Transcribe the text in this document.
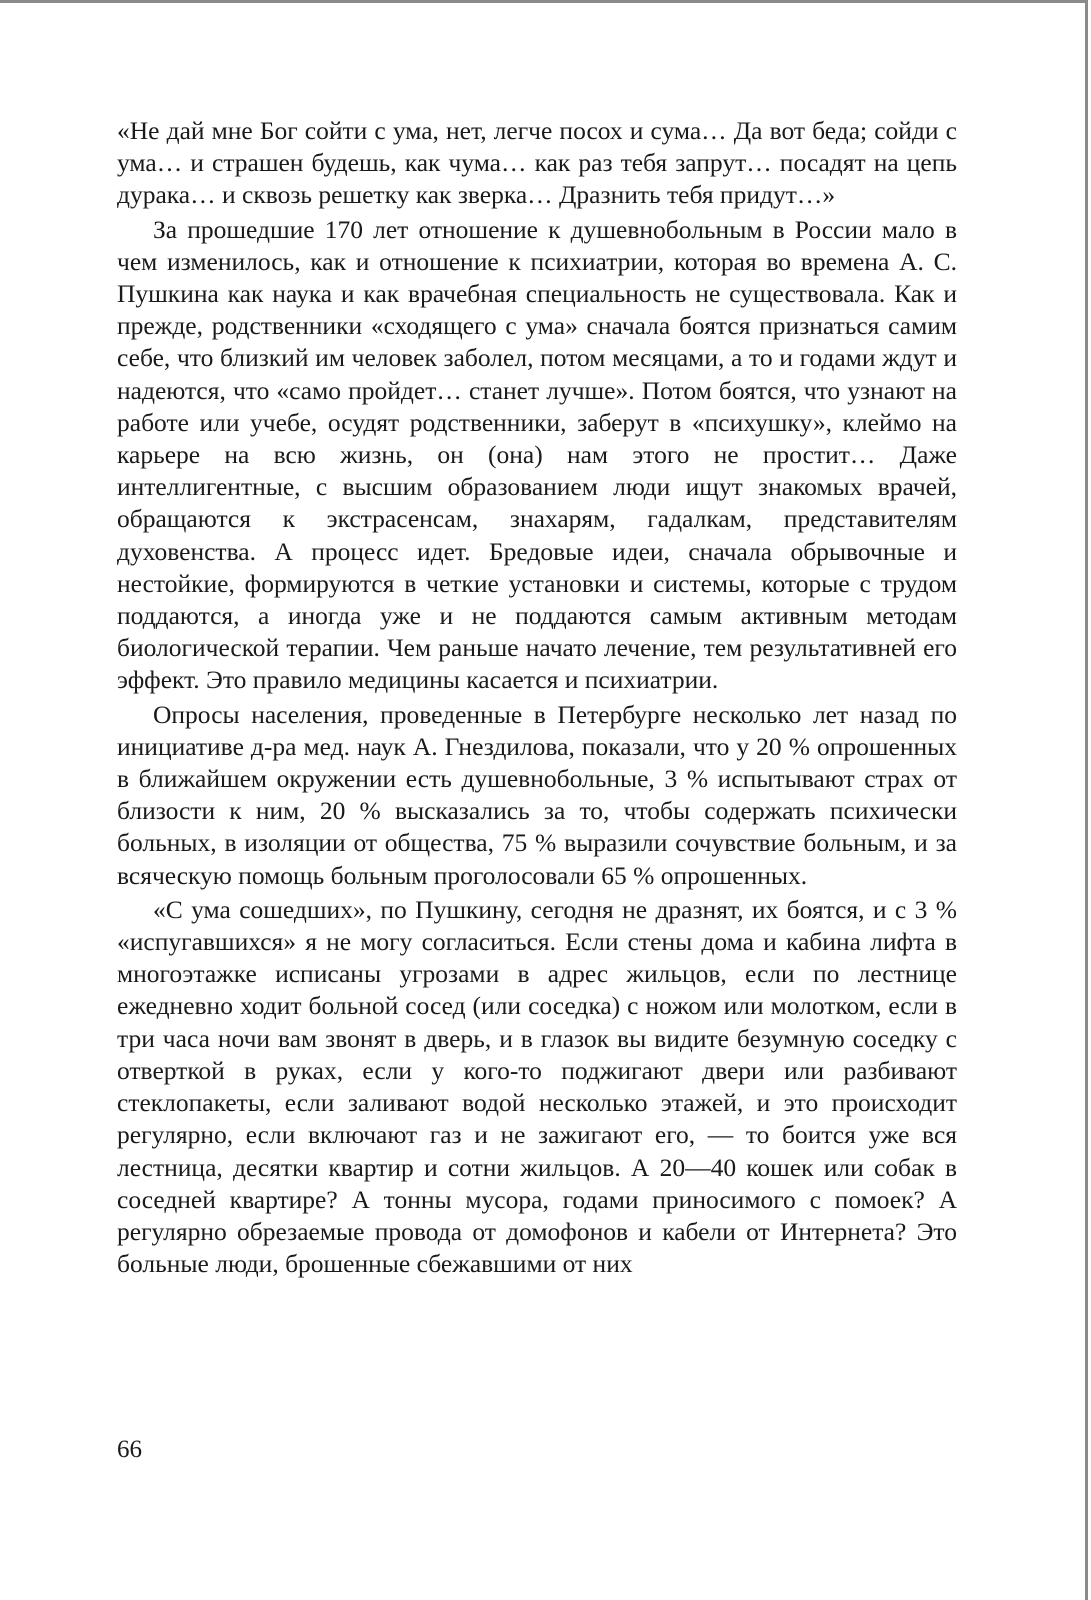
«Не дай мне Бог сойти с ума, нет, легче посох и сума… Да вот беда; сойди с ума… и страшен будешь, как чума… как раз тебя запрут… посадят на цепь дурака… и сквозь решетку как зверка… Дразнить тебя придут…»

За прошедшие 170 лет отношение к душевнобольным в России мало в чем изменилось, как и отношение к психиатрии, которая во времена А. С. Пушкина как наука и как врачебная специальность не существовала. Как и прежде, родственники «сходящего с ума» сначала боятся признаться самим себе, что близкий им человек заболел, потом месяцами, а то и годами ждут и надеются, что «само пройдет… станет лучше». Потом боятся, что узнают на работе или учебе, осудят родственники, заберут в «психушку», клеймо на карьере на всю жизнь, он (она) нам этого не простит… Даже интеллигентные, с высшим образованием люди ищут знакомых врачей, обращаются к экстрасенсам, знахарям, гадалкам, представителям духовенства. А процесс идет. Бредовые идеи, сначала обрывочные и нестойкие, формируются в четкие установки и системы, которые с трудом поддаются, а иногда уже и не поддаются самым активным методам биологической терапии. Чем раньше начато лечение, тем результативней его эффект. Это правило медицины касается и психиатрии.

Опросы населения, проведенные в Петербурге несколько лет назад по инициативе д-ра мед. наук А. Гнездилова, показали, что у 20 % опрошенных в ближайшем окружении есть душевнобольные, 3 % испытывают страх от близости к ним, 20 % высказались за то, чтобы содержать психически больных, в изоляции от общества, 75 % выразили сочувствие больным, и за всяческую помощь больным проголосовали 65 % опрошенных.

«С ума сошедших», по Пушкину, сегодня не дразнят, их боятся, и с 3 % «испугавшихся» я не могу согласиться. Если стены дома и кабина лифта в многоэтажке исписаны угрозами в адрес жильцов, если по лестнице ежедневно ходит больной сосед (или соседка) с ножом или молотком, если в три часа ночи вам звонят в дверь, и в глазок вы видите безумную соседку с отверткой в руках, если у кого-то поджигают двери или разбивают стеклопакеты, если заливают водой несколько этажей, и это происходит регулярно, если включают газ и не зажигают его, — то боится уже вся лестница, десятки квартир и сотни жильцов. А 20—40 кошек или собак в соседней квартире? А тонны мусора, годами приносимого с помоек? А регулярно обрезаемые провода от домофонов и кабели от Интернета? Это больные люди, брошенные сбежавшими от них

66
